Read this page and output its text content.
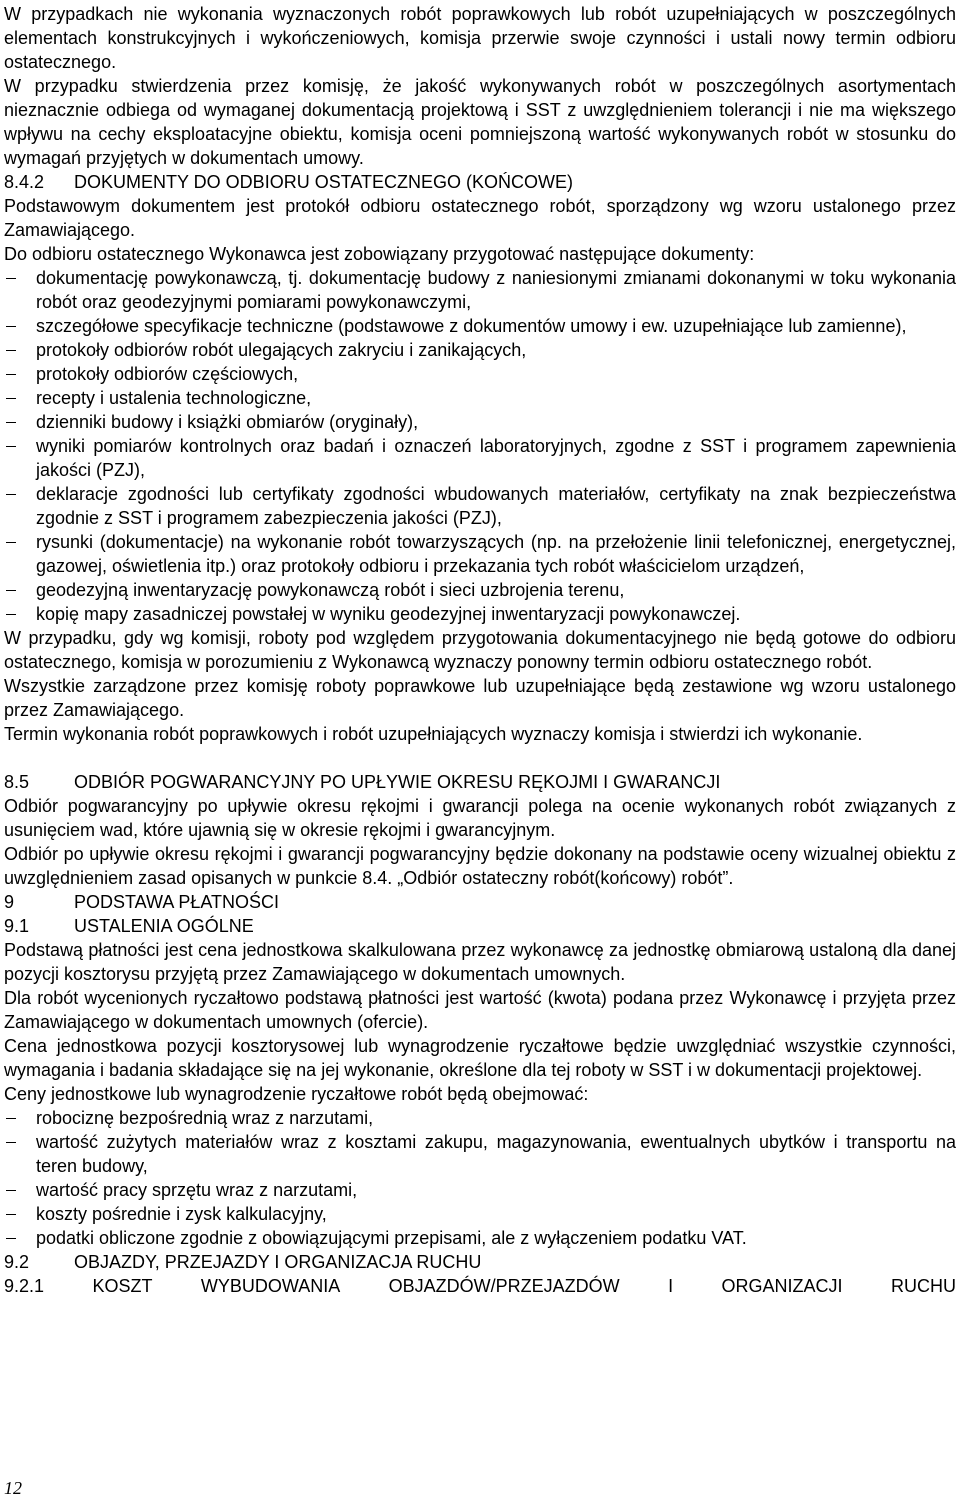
W przypadkach nie wykonania wyznaczonych robót poprawkowych lub robót uzupełniających w poszczególnych elementach konstrukcyjnych i wykończeniowych, komisja przerwie swoje czynności i ustali nowy termin odbioru ostatecznego.

W przypadku stwierdzenia przez komisję, że jakość wykonywanych robót w poszczególnych asortymentach nieznacznie odbiega od wymaganej dokumentacją projektową i SST z uwzględnieniem tolerancji i nie ma większego wpływu na cechy eksploatacyjne obiektu, komisja oceni pomniejszoną wartość wykonywanych robót w stosunku do wymagań przyjętych w dokumentach umowy.

8.4.2	DOKUMENTY DO ODBIORU OSTATECZNEGO (KOŃCOWE)

Podstawowym dokumentem jest protokół odbioru ostatecznego robót, sporządzony wg wzoru ustalonego przez Zamawiającego.

Do odbioru ostatecznego Wykonawca jest zobowiązany przygotować następujące dokumenty:

dokumentację powykonawczą, tj. dokumentację budowy z naniesionymi zmianami dokonanymi w toku wykonania robót oraz geodezyjnymi pomiarami powykonawczymi,
szczegółowe specyfikacje techniczne (podstawowe z dokumentów umowy i ew. uzupełniające lub zamienne),
protokoły odbiorów robót ulegających zakryciu i zanikających,
protokoły odbiorów częściowych,
recepty i ustalenia technologiczne,
dzienniki budowy i książki obmiarów (oryginały),
wyniki pomiarów kontrolnych oraz badań i oznaczeń laboratoryjnych, zgodne z SST i programem zapewnienia jakości (PZJ),
deklaracje zgodności lub certyfikaty zgodności wbudowanych materiałów, certyfikaty na znak bezpieczeństwa zgodnie z SST i programem zabezpieczenia jakości (PZJ),
rysunki (dokumentacje) na wykonanie robót towarzyszących (np. na przełożenie linii telefonicznej, energetycznej, gazowej, oświetlenia itp.) oraz protokoły odbioru i przekazania tych robót właścicielom urządzeń,
geodezyjną inwentaryzację powykonawczą robót i sieci uzbrojenia terenu,
kopię mapy zasadniczej powstałej w wyniku geodezyjnej inwentaryzacji powykonawczej.

W przypadku, gdy wg komisji, roboty pod względem przygotowania dokumentacyjnego nie będą gotowe do odbioru ostatecznego, komisja w porozumieniu z Wykonawcą wyznaczy ponowny termin odbioru ostatecznego robót.

Wszystkie zarządzone przez komisję roboty poprawkowe lub uzupełniające będą zestawione wg wzoru ustalonego przez Zamawiającego.

Termin wykonania robót poprawkowych i robót uzupełniających wyznaczy komisja i stwierdzi ich wykonanie.

8.5	ODBIÓR POGWARANCYJNY PO UPŁYWIE OKRESU RĘKOJMI I GWARANCJI

Odbiór pogwarancyjny po upływie okresu rękojmi i gwarancji polega na ocenie wykonanych robót związanych z usunięciem wad, które ujawnią się w okresie rękojmi i gwarancyjnym.

Odbiór po upływie okresu rękojmi i gwarancji pogwarancyjny będzie dokonany na podstawie oceny wizualnej obiektu z uwzględnieniem zasad opisanych w punkcie 8.4. „Odbiór ostateczny robót(końcowy) robót”.

9	PODSTAWA PŁATNOŚCI
9.1	USTALENIA OGÓLNE

Podstawą płatności jest cena jednostkowa skalkulowana przez wykonawcę za jednostkę obmiarową ustaloną dla danej pozycji kosztorysu przyjętą przez Zamawiającego w dokumentach umownych.

Dla robót wycenionych ryczałtowo podstawą płatności jest wartość (kwota) podana przez Wykonawcę i przyjęta przez Zamawiającego w dokumentach umownych (ofercie).

Cena jednostkowa pozycji kosztorysowej lub wynagrodzenie ryczałtowe będzie uwzględniać wszystkie czynności, wymagania i badania składające się na jej wykonanie, określone dla tej roboty w SST i w dokumentacji projektowej.

Ceny jednostkowe lub wynagrodzenie ryczałtowe robót będą obejmować:

robociznę bezpośrednią wraz z narzutami,
wartość zużytych materiałów wraz z kosztami zakupu, magazynowania, ewentualnych ubytków i transportu na teren budowy,
wartość pracy sprzętu wraz z narzutami,
koszty pośrednie i zysk kalkulacyjny,
podatki obliczone zgodnie z obowiązującymi przepisami, ale z wyłączeniem podatku VAT.
9.2	OBJAZDY, PRZEJAZDY I ORGANIZACJA RUCHU
9.2.1	KOSZT	WYBUDOWANIA	OBJAZDÓW/PRZEJAZDÓW	I	ORGANIZACJI	RUCHU
12
